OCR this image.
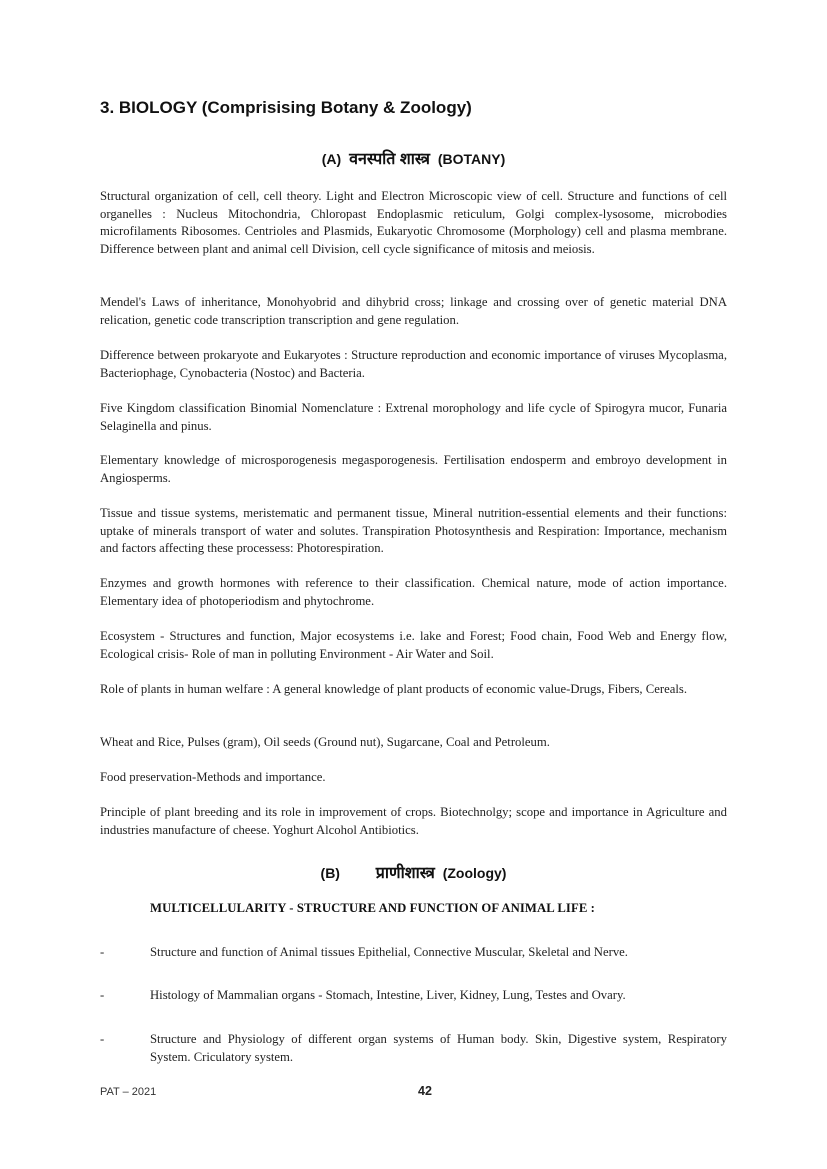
3. BIOLOGY (Comprisising Botany & Zoology)
(A) वनस्पति शास्त्र (BOTANY)

Structural organization of cell, cell theory. Light and Electron Microscopic view of cell. Structure and functions of cell organelles : Nucleus Mitochondria, Chloropast Endoplasmic reticulum, Golgi complex-lysosome, microbodies microfilaments Ribosomes. Centrioles and Plasmids, Eukaryotic Chromosome (Morphology) cell and plasma membrane. Difference between plant and animal cell Division, cell cycle significance of mitosis and meiosis.

Mendel's Laws of inheritance, Monohyobrid and dihybrid cross; linkage and crossing over of genetic material DNA relication, genetic code transcription transcription and gene regulation.

Difference between prokaryote and Eukaryotes : Structure reproduction and economic importance of viruses Mycoplasma, Bacteriophage, Cynobacteria (Nostoc) and Bacteria.

Five Kingdom classification Binomial Nomenclature : Extrenal morophology and life cycle of Spirogyra mucor, Funaria Selaginella and pinus.

Elementary knowledge of microsporogenesis megasporogenesis. Fertilisation endosperm and embroyo development in Angiosperms.

Tissue and tissue systems, meristematic and permanent tissue, Mineral nutrition-essential elements and their functions: uptake of minerals transport of water and solutes. Transpiration Photosynthesis and Respiration: Importance, mechanism and factors affecting these processess: Photorespiration.

Enzymes and growth hormones with reference to their classification. Chemical nature, mode of action importance. Elementary idea of photoperiodism and phytochrome.

Ecosystem - Structures and function, Major ecosystems i.e. lake and Forest; Food chain, Food Web and Energy flow, Ecological crisis- Role of man in polluting Environment - Air Water and Soil.

Role of plants in human welfare : A general knowledge of plant products of economic value-Drugs, Fibers, Cereals.

Wheat and Rice, Pulses (gram), Oil seeds (Ground nut), Sugarcane, Coal and Petroleum.

Food preservation-Methods and importance.

Principle of plant breeding and its role in improvement of crops. Biotechnolgy; scope and importance in Agriculture and industries manufacture of cheese. Yoghurt Alcohol Antibiotics.

(B) प्राणीशास्त्र (Zoology)
MULTICELLULARITY - STRUCTURE AND FUNCTION OF ANIMAL LIFE :
-	Structure and function of Animal tissues Epithelial, Connective Muscular, Skeletal and Nerve.

-	Histology of Mammalian organs - Stomach, Intestine, Liver, Kidney, Lung, Testes and Ovary.

-	Structure and Physiology of different organ systems of Human body. Skin, Digestive system, Respiratory System. Criculatory system.

PAT – 2021	42
